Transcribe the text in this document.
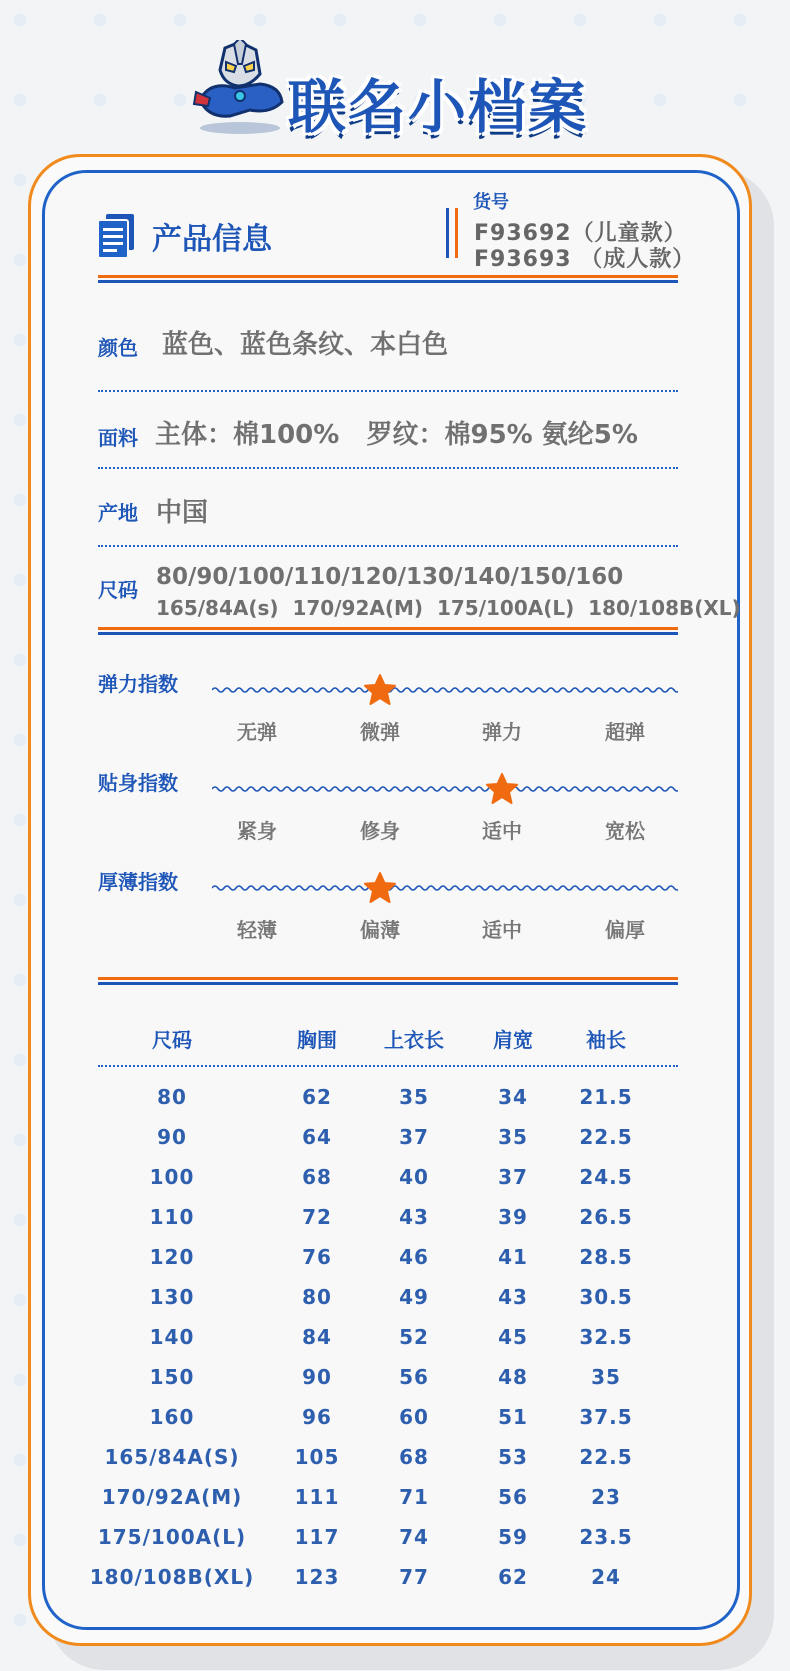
联名小档案
产品信息
货号
F93692（儿童款）
F93693 （成人款）
颜色 蓝色、蓝色条纹、本白色
面料 主体：棉100%   罗纹：棉95% 氨纶5%
产地 中国
尺码 80/90/100/110/120/130/140/150/160
165/84A(s)  170/92A(M)  175/100A(L)  180/108B(XL)
弹力指数
无弹	微弹	弹力	超弹
贴身指数
紧身	修身	适中	宽松
厚薄指数
轻薄	偏薄	适中	偏厚
尺码	胸围	上衣长	肩宽	袖长
80	62	35	34	21.5
90	64	37	35	22.5
100	68	40	37	24.5
110	72	43	39	26.5
120	76	46	41	28.5
130	80	49	43	30.5
140	84	52	45	32.5
150	90	56	48	35
160	96	60	51	37.5
165/84A(S)	105	68	53	22.5
170/92A(M)	111	71	56	23
175/100A(L)	117	74	59	23.5
180/108B(XL)	123	77	62	24
